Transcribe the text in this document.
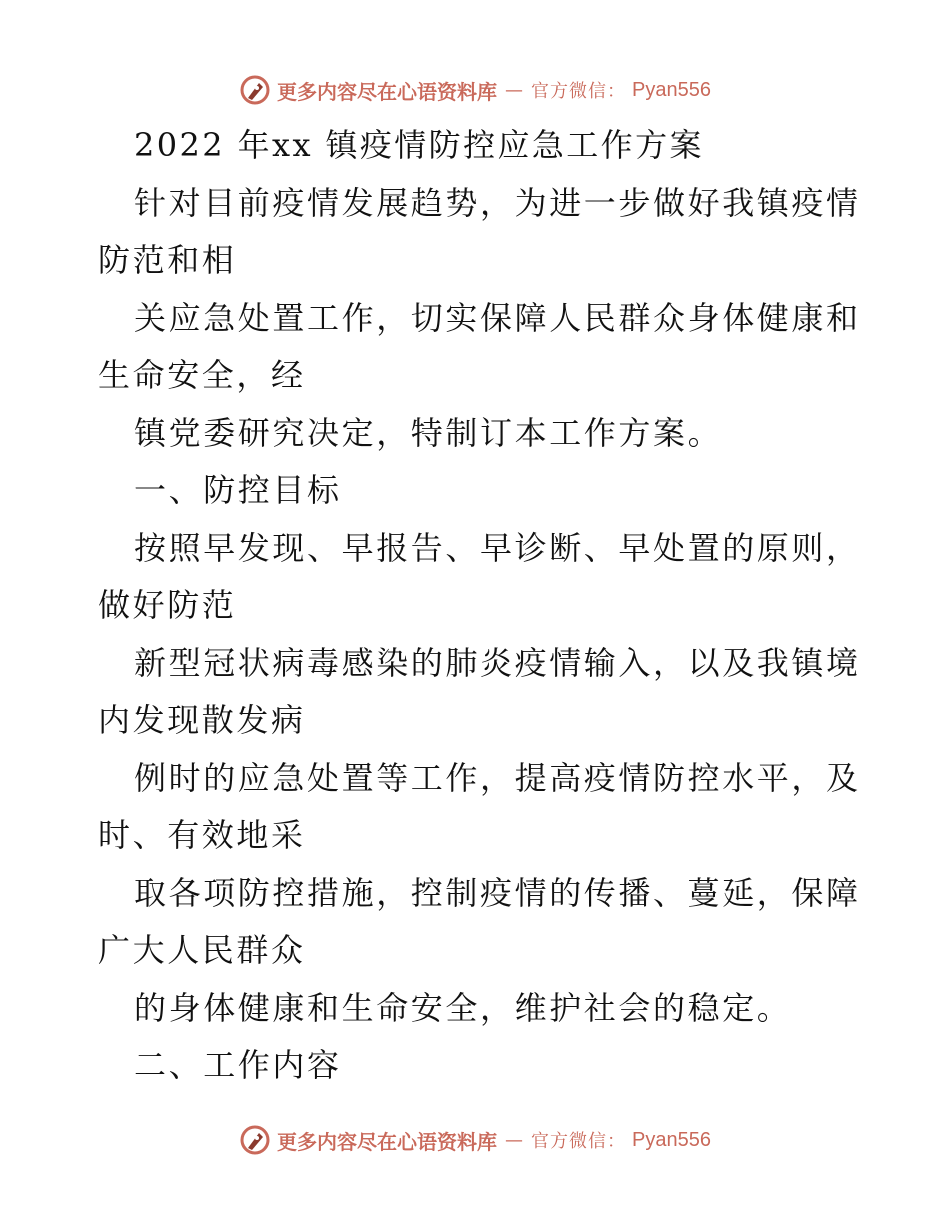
更多内容尽在心语资料库 — 官方微信： Pyan556
2022 年xx 镇疫情防控应急工作方案
针对目前疫情发展趋势，为进一步做好我镇疫情
防范和相
关应急处置工作，切实保障人民群众身体健康和
生命安全，经
镇党委研究决定，特制订本工作方案。
一、防控目标
按照早发现、早报告、早诊断、早处置的原则，
做好防范
新型冠状病毒感染的肺炎疫情输入，以及我镇境
内发现散发病
例时的应急处置等工作，提高疫情防控水平，及
时、有效地采
取各项防控措施，控制疫情的传播、蔓延，保障
广大人民群众
的身体健康和生命安全，维护社会的稳定。
二、工作内容
更多内容尽在心语资料库 — 官方微信： Pyan556
